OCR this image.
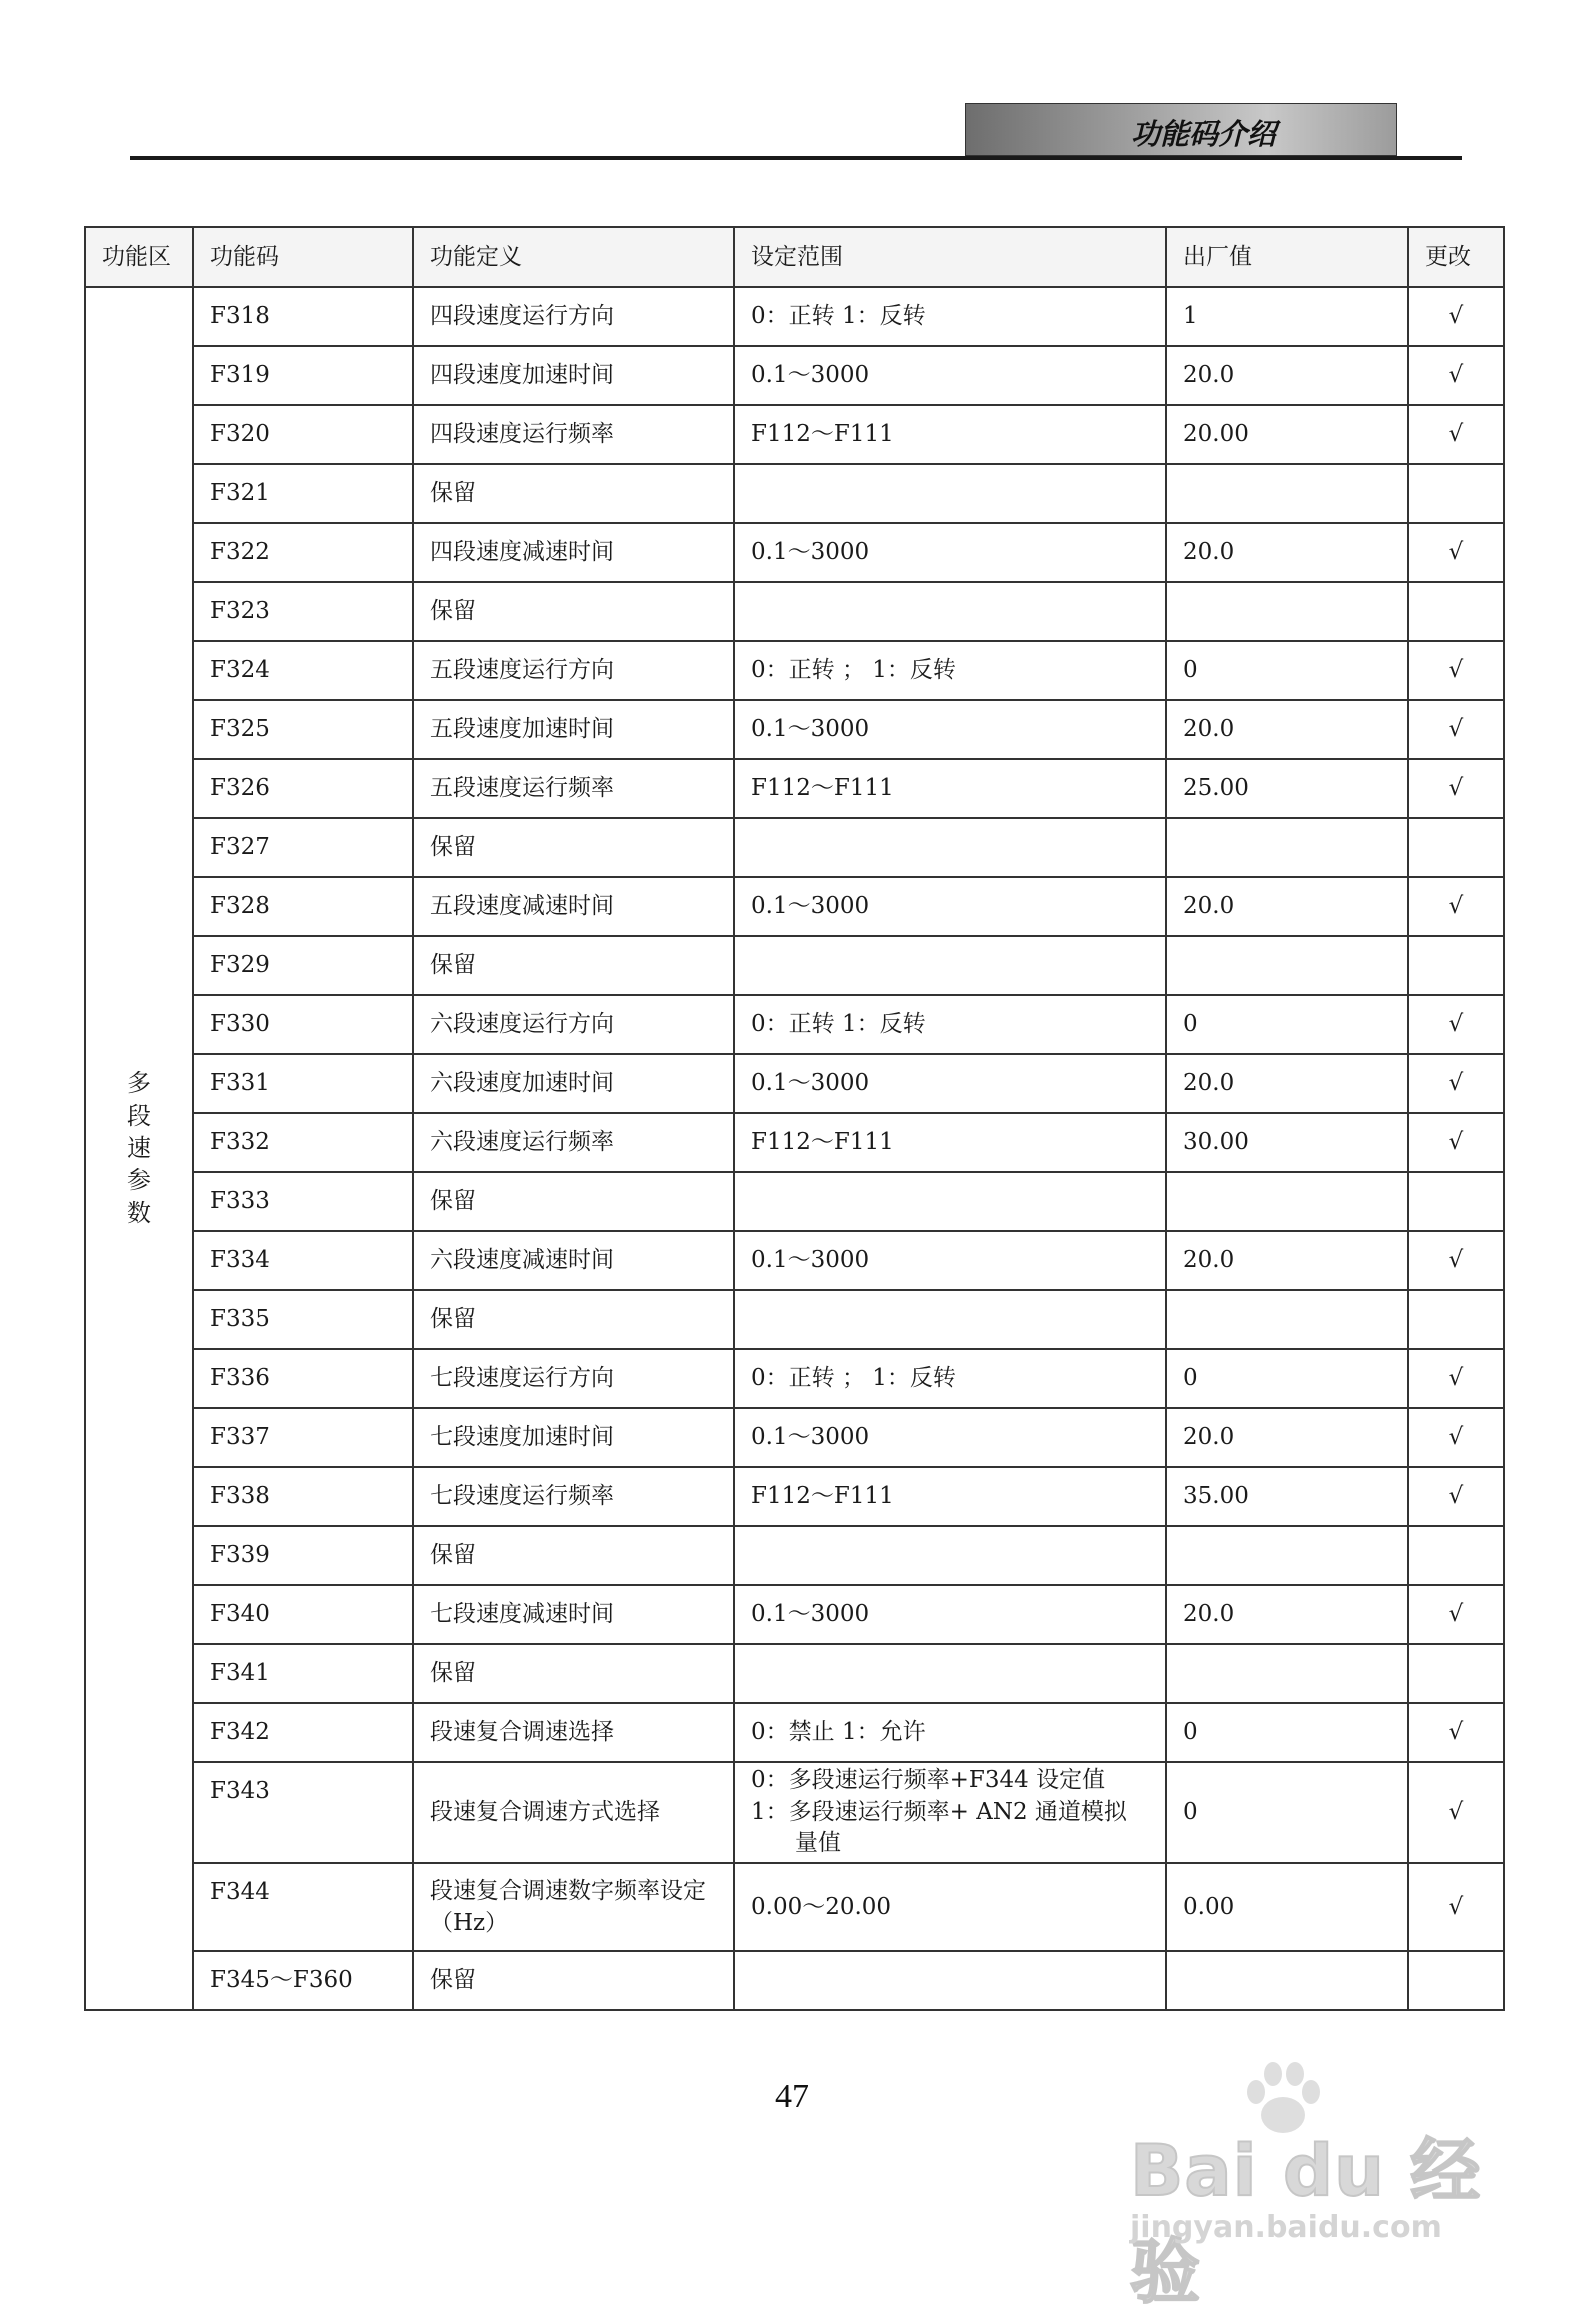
功能码介绍
功能区	功能码	功能定义	设定范围	出厂值	更改
多段速参数	F318	四段速度运行方向	0：正转 1：反转	1	√
	F319	四段速度加速时间	0.1～3000	20.0	√
	F320	四段速度运行频率	F112～F111	20.00	√
	F321	保留			
	F322	四段速度减速时间	0.1～3000	20.0	√
	F323	保留			
	F324	五段速度运行方向	0：正转 ； 1：反转	0	√
	F325	五段速度加速时间	0.1～3000	20.0	√
	F326	五段速度运行频率	F112～F111	25.00	√
	F327	保留			
	F328	五段速度减速时间	0.1～3000	20.0	√
	F329	保留			
	F330	六段速度运行方向	0：正转 1：反转	0	√
	F331	六段速度加速时间	0.1～3000	20.0	√
	F332	六段速度运行频率	F112～F111	30.00	√
	F333	保留			
	F334	六段速度减速时间	0.1～3000	20.0	√
	F335	保留			
	F336	七段速度运行方向	0：正转 ； 1：反转	0	√
	F337	七段速度加速时间	0.1～3000	20.0	√
	F338	七段速度运行频率	F112～F111	35.00	√
	F339	保留			
	F340	七段速度减速时间	0.1～3000	20.0	√
	F341	保留			
	F342	段速复合调速选择	0：禁止 1：允许	0	√
	F343	段速复合调速方式选择	0：多段速运行频率+F344 设定值
1：多段速运行频率+ AN2 通道模拟
量值	0	√
	F344	段速复合调速数字频率设定（Hz）	0.00～20.00	0.00	√
	F345～F360	保留			
47
Bai du 经验
jingyan.baidu.com
